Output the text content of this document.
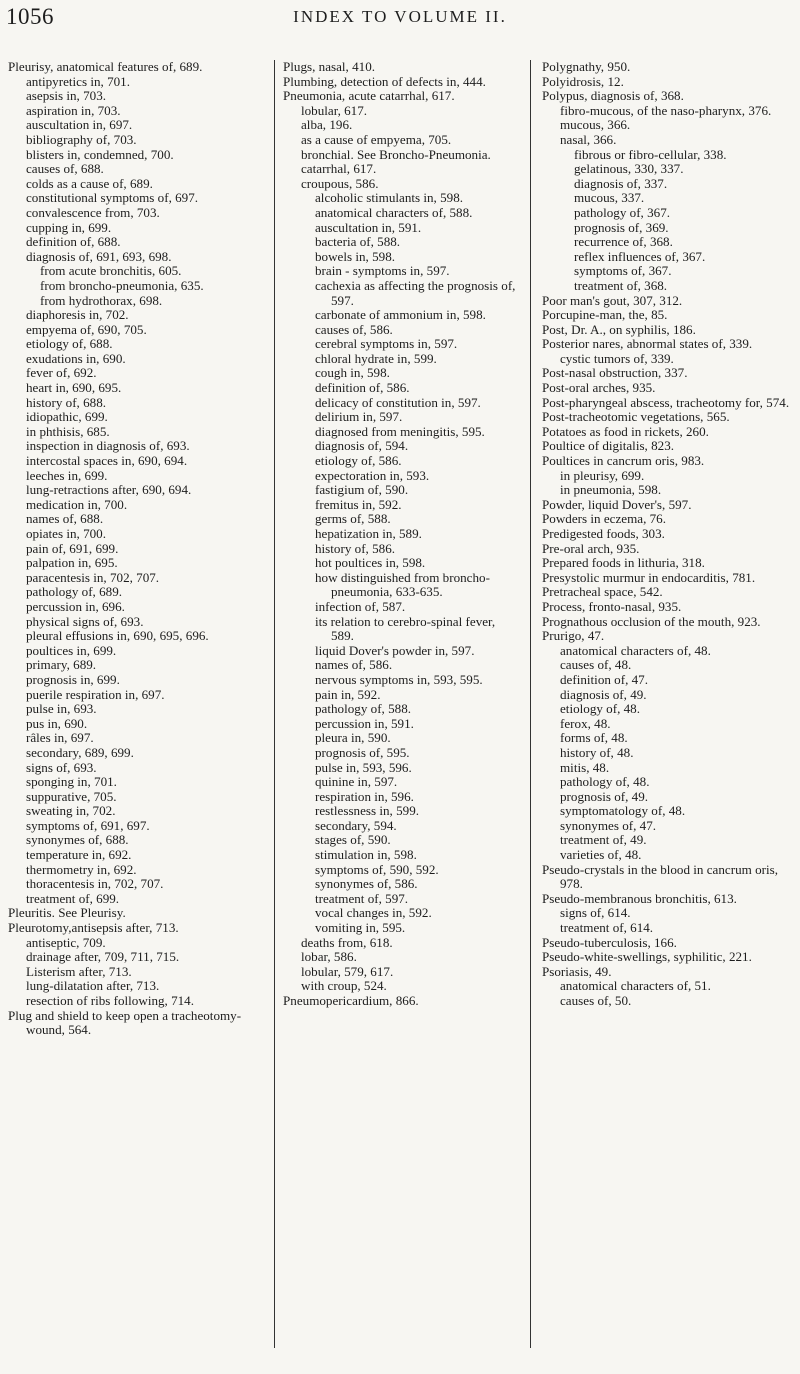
1056	INDEX TO VOLUME II.

Pleurisy, anatomical features of, 689.

antipyretics in, 701.

asepsis in, 703.

aspiration in, 703.

auscultation in, 697.

bibliography of, 703.

blisters in, condemned, 700.

causes of, 688.

colds as a cause of, 689.

constitutional symptoms of, 697.

convalescence from, 703.

cupping in, 699.

definition of, 688.

diagnosis of, 691, 693, 698.

from acute bronchitis, 605.

from broncho-pneumonia, 635.

from hydrothorax, 698.

diaphoresis in, 702.

empyema of, 690, 705.

etiology of, 688.

exudations in, 690.

fever of, 692.

heart in, 690, 695.

history of, 688.

idiopathic, 699.

in phthisis, 685.

inspection in diagnosis of, 693.

intercostal spaces in, 690, 694.

leeches in, 699.

lung-retractions after, 690, 694.

medication in, 700.

names of, 688.

opiates in, 700.

pain of, 691, 699.

palpation in, 695.

paracentesis in, 702, 707.

pathology of, 689.

percussion in, 696.

physical signs of, 693.

pleural effusions in, 690, 695, 696.

poultices in, 699.

primary, 689.

prognosis in, 699.

puerile respiration in, 697.

pulse in, 693.

pus in, 690.

râles in, 697.

secondary, 689, 699.

signs of, 693.

sponging in, 701.

suppurative, 705.

sweating in, 702.

symptoms of, 691, 697.

synonymes of, 688.

temperature in, 692.

thermometry in, 692.

thoracentesis in, 702, 707.

treatment of, 699.

Pleuritis. See Pleurisy.

Pleurotomy,antisepsis after, 713.

antiseptic, 709.

drainage after, 709, 711, 715.

Listerism after, 713.

lung-dilatation after, 713.

resection of ribs following, 714.

Plug and shield to keep open a tracheotomy-wound, 564.

Plugs, nasal, 410.

Plumbing, detection of defects in, 444.

Pneumonia, acute catarrhal, 617.

lobular, 617.

alba, 196.

as a cause of empyema, 705.

bronchial. See Broncho-Pneumonia.

catarrhal, 617.

croupous, 586.

alcoholic stimulants in, 598.

anatomical characters of, 588.

auscultation in, 591.

bacteria of, 588.

bowels in, 598.

brain - symptoms in, 597.

cachexia as affecting the prognosis of, 597.

carbonate of ammonium in, 598.

causes of, 586.

cerebral symptoms in, 597.

chloral hydrate in, 599.

cough in, 598.

definition of, 586.

delicacy of constitution in, 597.

delirium in, 597.

diagnosed from meningitis, 595.

diagnosis of, 594.

etiology of, 586.

expectoration in, 593.

fastigium of, 590.

fremitus in, 592.

germs of, 588.

hepatization in, 589.

history of, 586.

hot poultices in, 598.

how distinguished from broncho-pneumonia, 633-635.

infection of, 587.

its relation to cerebro-spinal fever, 589.

liquid Dover's powder in, 597.

names of, 586.

nervous symptoms in, 593, 595.

pain in, 592.

pathology of, 588.

percussion in, 591.

pleura in, 590.

prognosis of, 595.

pulse in, 593, 596.

quinine in, 597.

respiration in, 596.

restlessness in, 599.

secondary, 594.

stages of, 590.

stimulation in, 598.

symptoms of, 590, 592.

synonymes of, 586.

treatment of, 597.

vocal changes in, 592.

vomiting in, 595.

deaths from, 618.

lobar, 586.

lobular, 579, 617.

with croup, 524.

Pneumopericardium, 866.

Polygnathy, 950.

Polyidrosis, 12.

Polypus, diagnosis of, 368.

fibro-mucous, of the naso-pharynx, 376.

mucous, 366.

nasal, 366.

fibrous or fibro-cellular, 338.

gelatinous, 330, 337.

diagnosis of, 337.

mucous, 337.

pathology of, 367.

prognosis of, 369.

recurrence of, 368.

reflex influences of, 367.

symptoms of, 367.

treatment of, 368.

Poor man's gout, 307, 312.

Porcupine-man, the, 85.

Post, Dr. A., on syphilis, 186.

Posterior nares, abnormal states of, 339.

cystic tumors of, 339.

Post-nasal obstruction, 337.

Post-oral arches, 935.

Post-pharyngeal abscess, tracheotomy for, 574.

Post-tracheotomic vegetations, 565.

Potatoes as food in rickets, 260.

Poultice of digitalis, 823.

Poultices in cancrum oris, 983.

in pleurisy, 699.

in pneumonia, 598.

Powder, liquid Dover's, 597.

Powders in eczema, 76.

Predigested foods, 303.

Pre-oral arch, 935.

Prepared foods in lithuria, 318.

Presystolic murmur in endocarditis, 781.

Pretracheal space, 542.

Process, fronto-nasal, 935.

Prognathous occlusion of the mouth, 923.

Prurigo, 47.

anatomical characters of, 48.

causes of, 48.

definition of, 47.

diagnosis of, 49.

etiology of, 48.

ferox, 48.

forms of, 48.

history of, 48.

mitis, 48.

pathology of, 48.

prognosis of, 49.

symptomatology of, 48.

synonymes of, 47.

treatment of, 49.

varieties of, 48.

Pseudo-crystals in the blood in cancrum oris, 978.

Pseudo-membranous bronchitis, 613.

signs of, 614.

treatment of, 614.

Pseudo-tuberculosis, 166.

Pseudo-white-swellings, syphilitic, 221.

Psoriasis, 49.

anatomical characters of, 51.

causes of, 50.
